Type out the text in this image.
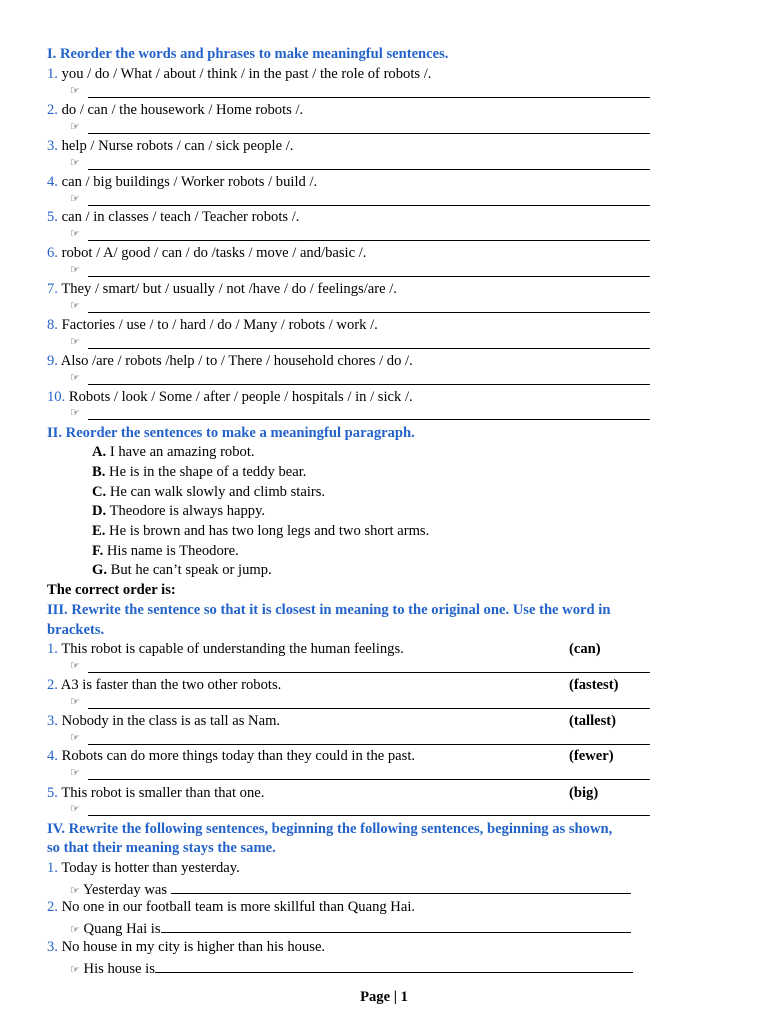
I. Reorder the words and phrases to make meaningful sentences.
1. you / do / What / about / think / in the past / the role of robots /.
☞
2. do / can / the housework / Home robots /.
☞
3. help / Nurse robots / can / sick people /.
☞
4. can / big buildings / Worker robots / build /.
☞
5. can / in classes / teach / Teacher robots /.
☞
6. robot / A/ good / can / do /tasks / move / and/basic /.
☞
7. They / smart/ but / usually / not /have / do / feelings/are /.
☞
8. Factories / use / to / hard / do / Many / robots / work /.
☞
9. Also /are / robots /help / to / There / household chores / do /.
☞
10. Robots / look / Some / after / people / hospitals / in / sick /.
☞
II. Reorder the sentences to make a meaningful paragraph.
A. I have an amazing robot.
B. He is in the shape of a teddy bear.
C. He can walk slowly and climb stairs.
D. Theodore is always happy.
E. He is brown and has two long legs and two short arms.
F. His name is Theodore.
G. But he can’t speak or jump.
The correct order is:
III. Rewrite the sentence so that it is closest in meaning to the original one. Use the word in
brackets.
1. This robot is capable of understanding the human feelings.	(can)
☞
2. A3 is faster than the two other robots.	(fastest)
☞
3. Nobody in the class is as tall as Nam.	(tallest)
☞
4. Robots can do more things today than they could in the past.	(fewer)
☞
5. This robot is smaller than that one.	(big)
☞
IV. Rewrite the following sentences, beginning the following sentences, beginning as shown,
so that their meaning stays the same.
1. Today is hotter than yesterday.
☞ Yesterday was
2. No one in our football team is more skillful than Quang Hai.
☞ Quang Hai is
3. No house in my city is higher than his house.
☞ His house is
Page | 1
